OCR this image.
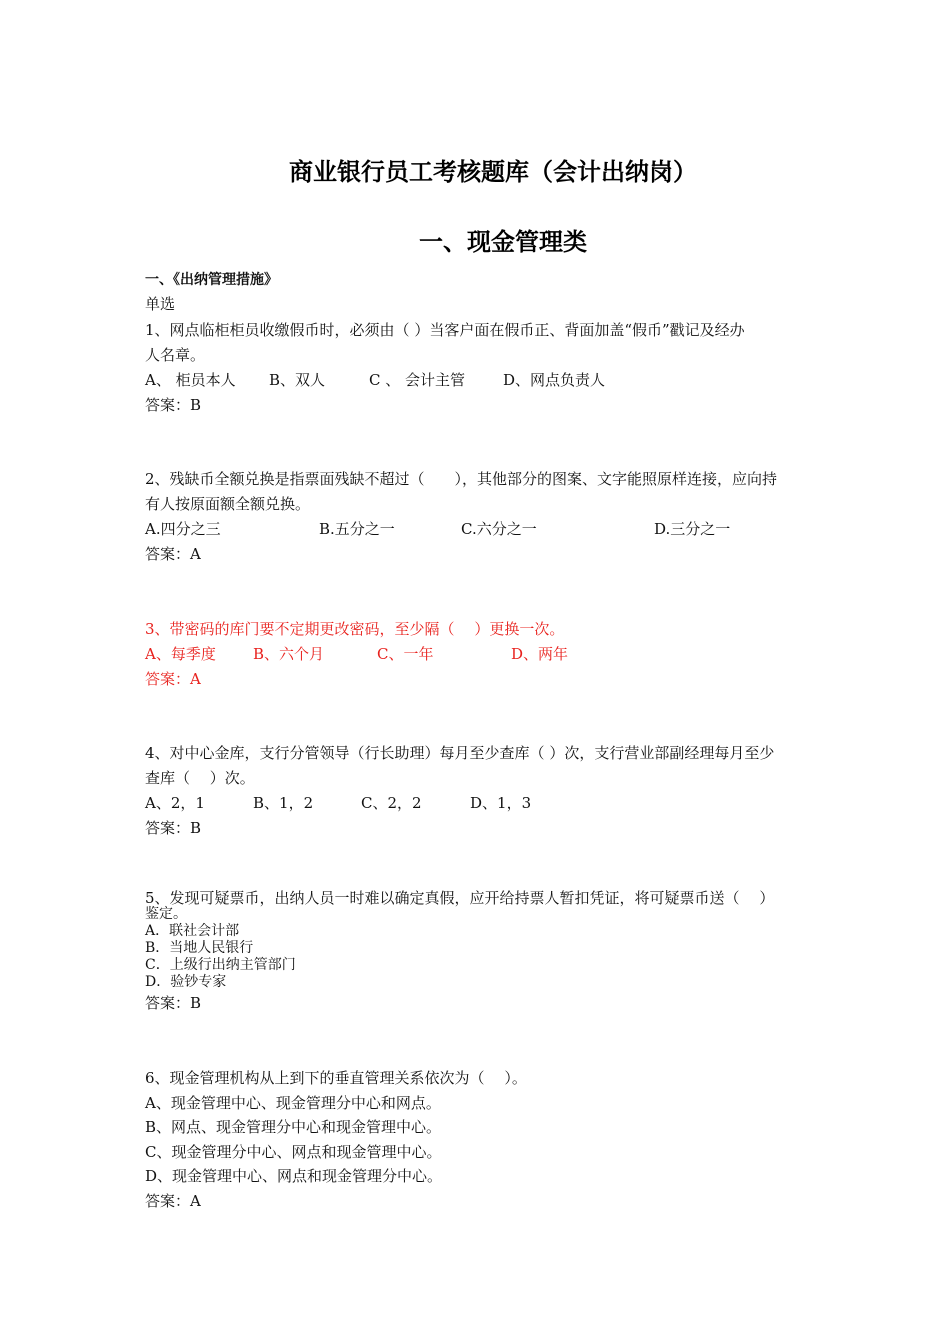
商业银行员工考核题库（会计出纳岗）
一、现金管理类
一、《出纳管理措施》
单选
1、网点临柜柜员收缴假币时，必须由（ ）当客户面在假币正、背面加盖“假币”戳记及经办
人名章。
A、 柜员本人 B、双人	C 、 会计主管	D、网点负责人
答案：B
2、残缺币全额兑换是指票面残缺不超过（　　），其他部分的图案、文字能照原样连接，应向持
有人按原面额全额兑换。
A.四分之三	B.五分之一	C.六分之一	D.三分之一
答案：A
3、带密码的库门要不定期更改密码，至少隔（　 ）更换一次。
A、每季度 B、六个月	C、一年	D、两年
答案：A
4、对中心金库，支行分管领导（行长助理）每月至少查库（ ）次，支行营业部副经理每月至少
查库（　 ）次。
A、2，1	B、1，2	C、2，2	D、1，3
答案：B
5、发现可疑票币，出纳人员一时难以确定真假，应开给持票人暂扣凭证，将可疑票币送（　 ）
鉴定。
A．联社会计部
B．当地人民银行
C．上级行出纳主管部门
D．验钞专家
答案：B
6、现金管理机构从上到下的垂直管理关系依次为（　 ）。
A、现金管理中心、现金管理分中心和网点。
B、网点、现金管理分中心和现金管理中心。
C、现金管理分中心、网点和现金管理中心。
D、现金管理中心、网点和现金管理分中心。
答案：A
